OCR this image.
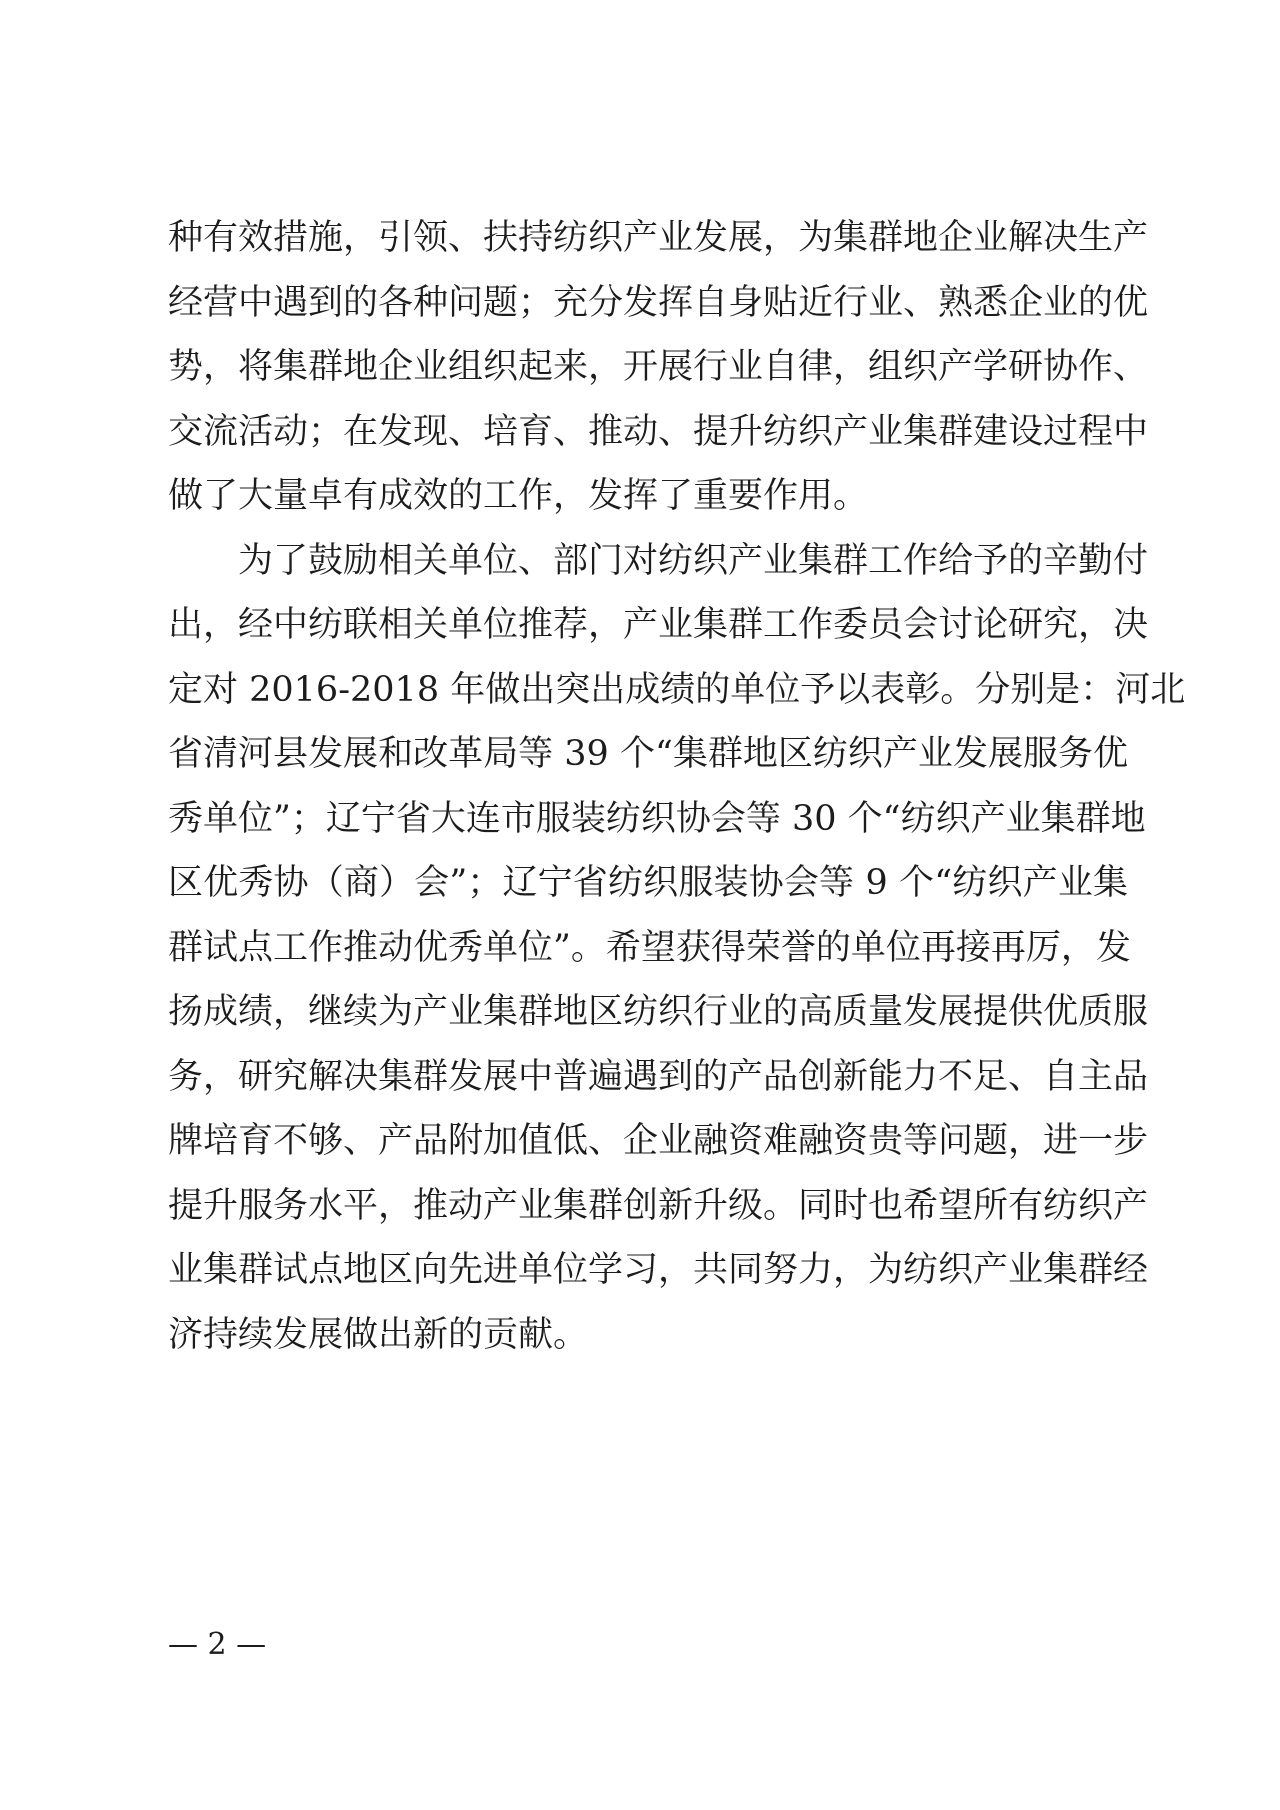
种有效措施，引领、扶持纺织产业发展，为集群地企业解决生产
经营中遇到的各种问题；充分发挥自身贴近行业、熟悉企业的优
势，将集群地企业组织起来，开展行业自律，组织产学研协作、
交流活动；在发现、培育、推动、提升纺织产业集群建设过程中
做了大量卓有成效的工作，发挥了重要作用。
　　为了鼓励相关单位、部门对纺织产业集群工作给予的辛勤付
出，经中纺联相关单位推荐，产业集群工作委员会讨论研究，决
定对 2016-2018 年做出突出成绩的单位予以表彰。分别是：河北
省清河县发展和改革局等 39 个“集群地区纺织产业发展服务优
秀单位”；辽宁省大连市服装纺织协会等 30 个“纺织产业集群地
区优秀协（商）会”；辽宁省纺织服装协会等 9 个“纺织产业集
群试点工作推动优秀单位”。希望获得荣誉的单位再接再厉，发
扬成绩，继续为产业集群地区纺织行业的高质量发展提供优质服
务，研究解决集群发展中普遍遇到的产品创新能力不足、自主品
牌培育不够、产品附加值低、企业融资难融资贵等问题，进一步
提升服务水平，推动产业集群创新升级。同时也希望所有纺织产
业集群试点地区向先进单位学习，共同努力，为纺织产业集群经
济持续发展做出新的贡献。
— 2 —
